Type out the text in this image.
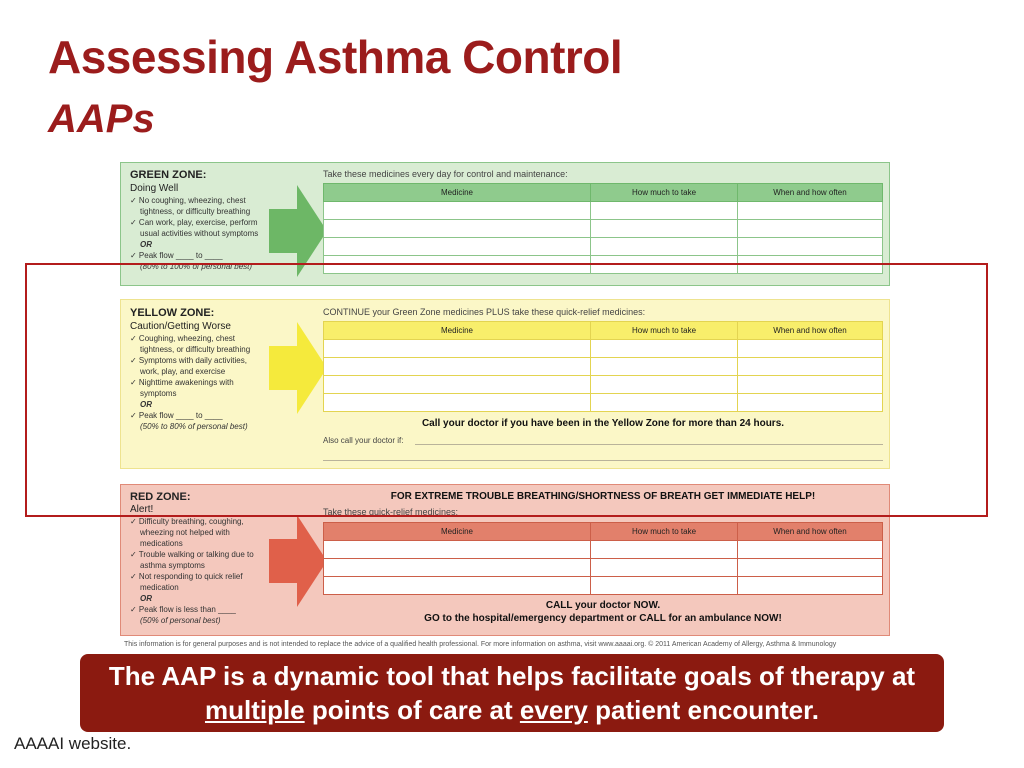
Assessing Asthma Control
AAPs
GREEN ZONE:
Doing Well
✓ No coughing, wheezing, chest
tightness, or difficulty breathing
✓ Can work, play, exercise, perform
usual activities without symptoms
OR
✓ Peak flow ____ to ____
(80% to 100% of personal best)
Take these medicines every day for control and maintenance:
Medicine	How much to take	When and how often

YELLOW ZONE:
Caution/Getting Worse
✓ Coughing, wheezing, chest
tightness, or difficulty breathing
✓ Symptoms with daily activities,
work, play, and exercise
✓ Nighttime awakenings with
symptoms
OR
✓ Peak flow ____ to ____
(50% to 80% of personal best)
CONTINUE your Green Zone medicines PLUS take these quick-relief medicines:
Medicine	How much to take	When and how often

Call your doctor if you have been in the Yellow Zone for more than 24 hours.
Also call your doctor if:
RED ZONE:
Alert!
FOR EXTREME TROUBLE BREATHING/SHORTNESS OF BREATH GET IMMEDIATE HELP!
✓ Difficulty breathing, coughing,
wheezing not helped with
medications
✓ Trouble walking or talking due to
asthma symptoms
✓ Not responding to quick relief
medication
OR
✓ Peak flow is less than ____
(50% of personal best)
Take these quick-relief medicines:
Medicine	How much to take	When and how often

CALL your doctor NOW.
GO to the hospital/emergency department or CALL for an ambulance NOW!
This information is for general purposes and is not intended to replace the advice of a qualified health professional. For more information on asthma, visit www.aaaai.org. © 2011 American Academy of Allergy, Asthma & Immunology
The AAP is a dynamic tool that helps facilitate goals of therapy at
multiple points of care at every patient encounter.
AAAAI website.
